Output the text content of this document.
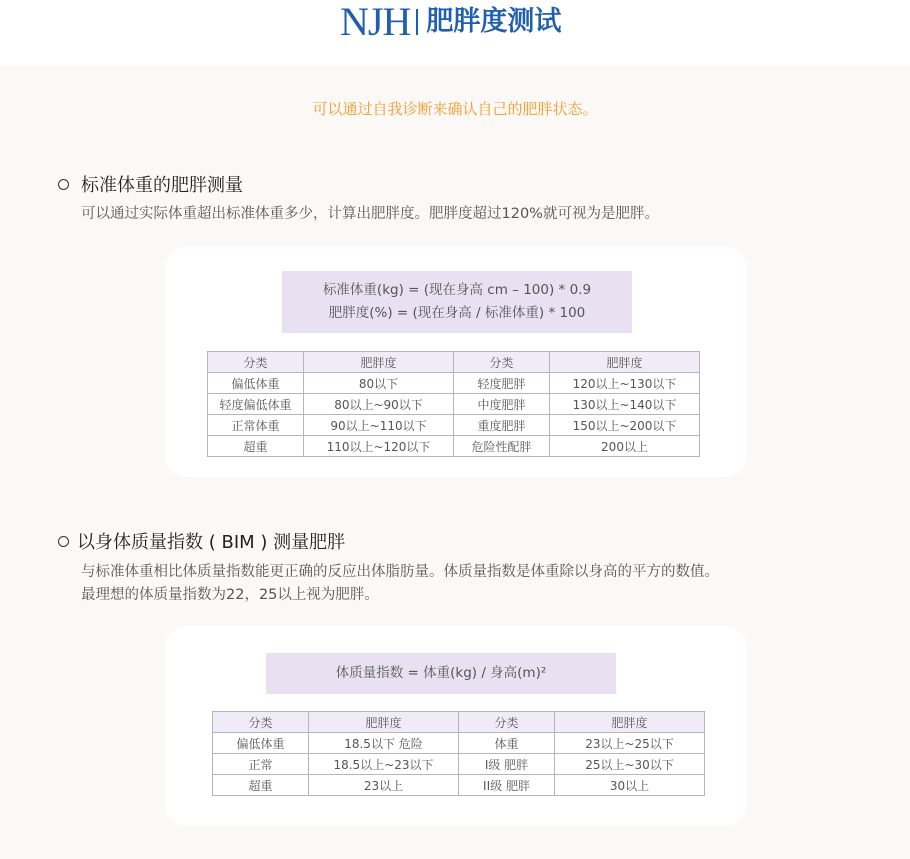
NJH 肥胖度测试
可以通过自我诊断来确认自己的肥胖状态。
标准体重的肥胖测量
可以通过实际体重超出标准体重多少，计算出肥胖度。肥胖度超过120%就可视为是肥胖。
标准体重(kg) = (现在身高 cm – 100) * 0.9
肥胖度(%) = (现在身高 / 标准体重) * 100
分类	肥胖度	分类	肥胖度
偏低体重	80以下	轻度肥胖	120以上~130以下
轻度偏低体重	80以上~90以下	中度肥胖	130以上~140以下
正常体重	90以上~110以下	重度肥胖	150以上~200以下
超重	110以上~120以下	危险性配胖	200以上
以身体质量指数 ( BIM ) 测量肥胖
与标准体重相比体质量指数能更正确的反应出体脂肪量。体质量指数是体重除以身高的平方的数值。
最理想的体质量指数为22，25以上视为肥胖。
体质量指数 = 体重(kg) / 身高(m)²
分类	肥胖度	分类	肥胖度
偏低体重	18.5以下 危险	体重	23以上~25以下
正常	18.5以上~23以下	I级 肥胖	25以上~30以下
超重	23以上	II级 肥胖	30以上
